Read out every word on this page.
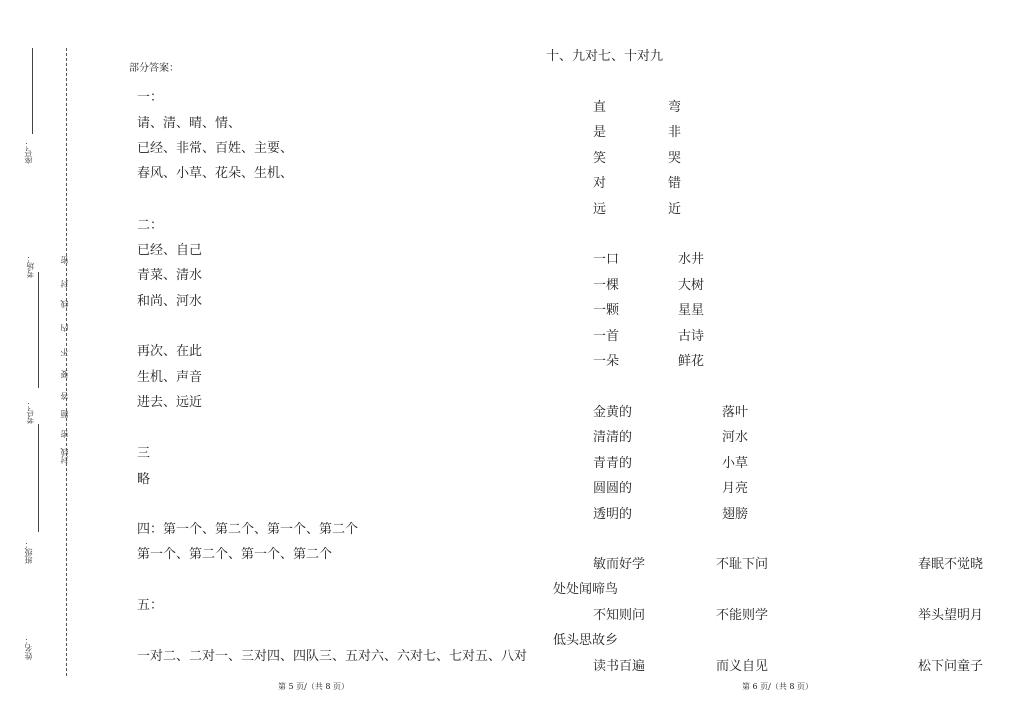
座号：
考场：
考号：
班级：
姓名：
密
封
线
内
不
要
答
题
密
封线
部分答案：
一：
请、清、晴、情、
已经、非常、百姓、主要、
春风、小草、花朵、生机、
二：
已经、自己
青菜、清水
和尚、河水
再次、在此
生机、声音
进去、远近
三
略
四：第一个、第二个、第一个、第二个
第一个、第二个、第一个、第二个
五：
一对二、二对一、三对四、四队三、五对六、六对七、七对五、八对
第 5 页/（共 8 页）
十、九对七、十对九
直	弯
是	非
笑	哭
对	错
远	近
一口	水井
一棵	大树
一颗	星星
一首	古诗
一朵	鲜花
金黄的	落叶
清清的	河水
青青的	小草
圆圆的	月亮
透明的	翅膀
敏而好学	不耻下问	春眠不觉晓
处处闻啼鸟
不知则问	不能则学	举头望明月
低头思故乡
读书百遍	而义自见	松下问童子
第 6 页/（共 8 页）
